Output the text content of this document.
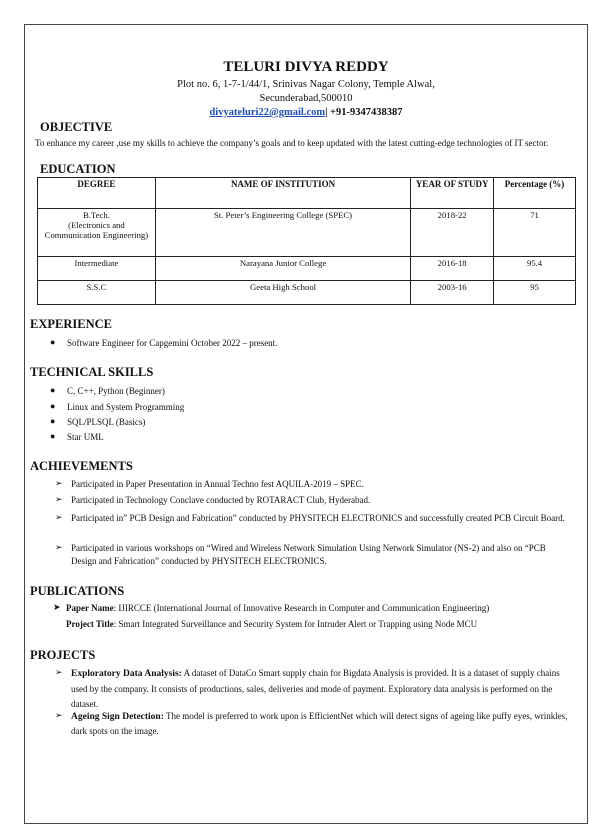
TELURI DIVYA REDDY
Plot no. 6, 1-7-1/44/1, Srinivas Nagar Colony, Temple Alwal,
Secunderabad,500010
divyateluri22@gmail.com| +91-9347438387
OBJECTIVE
To enhance my career ,use my skills to achieve the company’s goals and to keep updated with the latest cutting-edge technologies of IT sector.
EDUCATION
DEGREE	NAME OF INSTITUTION	YEAR OF STUDY	Percentage (%)

B.Tech.
(Electronics and Communication Engineering)	St. Peter’s Engineering College (SPEC)	2018-22	71
Intermediate	Narayana Junior College	2016-18	95.4
S.S.C	Geeta High School	2003-16	95
EXPERIENCE
● Software Engineer for Capgemini October 2022 – present.
TECHNICAL SKILLS
● C, C++, Python (Beginner)
● Linux and System Programming
● SQL/PLSQL (Basics)
● Star UML
ACHIEVEMENTS
➢ Participated in Paper Presentation in Annual Techno fest AQUILA-2019 – SPEC.
➢ Participated in Technology Conclave conducted by ROTARACT Club, Hyderabad.
➢ Participated in” PCB Design and Fabrication” conducted by PHYSITECH ELECTRONICS and successfully created PCB Circuit Board.
➢ Participated in various workshops on “Wired and Wireless Network Simulation Using Network Simulator (NS-2) and also on “PCB Design and Fabrication” conducted by PHYSITECH ELECTRONICS.
PUBLICATIONS
➤ Paper Name: IJIRCCE (International Journal of Innovative Research in Computer and Communication Engineering)
Project Title: Smart Integrated Surveillance and Security System for Intruder Alert or Trapping using Node MCU
PROJECTS
➢ Exploratory Data Analysis: A dataset of DataCo Smart supply chain for Bigdata Analysis is provided. It is a dataset of supply chains used by the company. It consists of productions, sales, deliveries and mode of payment. Exploratory data analysis is performed on the dataset.
➢ Ageing Sign Detection: The model is preferred to work upon is EfficientNet which will detect signs of ageing like puffy eyes, wrinkles, dark spots on the image.
